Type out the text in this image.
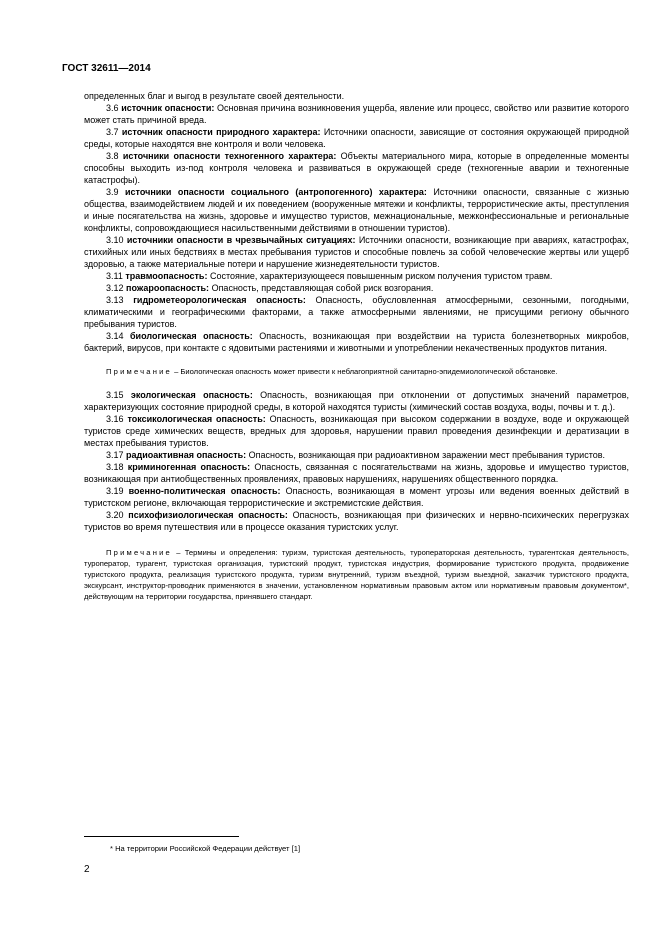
ГОСТ 32611—2014

определенных благ и выгод в результате своей деятельности.

3.6 источник опасности: Основная причина возникновения ущерба, явление или процесс, свойство или развитие которого может стать причиной вреда.

3.7 источник опасности природного характера: Источники опасности, зависящие от состояния окружающей природной среды, которые находятся вне контроля и воли человека.

3.8 источники опасности техногенного характера: Объекты материального мира, которые в определенные моменты способны выходить из-под контроля человека и развиваться в окружающей среде (техногенные аварии и техногенные катастрофы).

3.9 источники опасности социального (антропогенного) характера: Источники опасности, связанные с жизнью общества, взаимодействием людей и их поведением (вооруженные мятежи и конфликты, террористические акты, преступления и иные посягательства на жизнь, здоровье и имущество туристов, межнациональные, межконфессиональные и региональные конфликты, сопровождающиеся насильственными действиями в отношении туристов).

3.10 источники опасности в чрезвычайных ситуациях: Источники опасности, возникающие при авариях, катастрофах, стихийных или иных бедствиях в местах пребывания туристов и способные повлечь за собой человеческие жертвы или ущерб здоровью, а также материальные потери и нарушение жизнедеятельности туристов.

3.11 травмоопасность: Состояние, характеризующееся повышенным риском получения туристом травм.

3.12 пожароопасность: Опасность, представляющая собой риск возгорания.

3.13 гидрометеорологическая опасность: Опасность, обусловленная атмосферными, сезонными, погодными, климатическими и географическими факторами, а также атмосферными явлениями, не присущими региону обычного пребывания туристов.

3.14 биологическая опасность: Опасность, возникающая при воздействии на туриста болезнетворных микробов, бактерий, вирусов, при контакте с ядовитыми растениями и животными и употреблении некачественных продуктов питания.

Примечание – Биологическая опасность может привести к неблагоприятной санитарно-эпидемиологической обстановке.

3.15 экологическая опасность: Опасность, возникающая при отклонении от допустимых значений параметров, характеризующих состояние природной среды, в которой находятся туристы (химический состав воздуха, воды, почвы и т. д.).

3.16 токсикологическая опасность: Опасность, возникающая при высоком содержании в воздухе, воде и окружающей туристов среде химических веществ, вредных для здоровья, нарушении правил проведения дезинфекции и дератизации в местах пребывания туристов.

3.17 радиоактивная опасность: Опасность, возникающая при радиоактивном заражении мест пребывания туристов.

3.18 криминогенная опасность: Опасность, связанная с посягательствами на жизнь, здоровье и имущество туристов, возникающая при антиобщественных проявлениях, правовых нарушениях, нарушениях общественного порядка.

3.19 военно-политическая опасность: Опасность, возникающая в момент угрозы или ведения военных действий в туристском регионе, включающая террористические и экстремистские действия.

3.20 психофизиологическая опасность: Опасность, возникающая при физических и нервно-психических перегрузках туристов во время путешествия или в процессе оказания туристских услуг.

Примечание – Термины и определения: туризм, туристская деятельность, туроператорская деятельность, турагентская деятельность, туроператор, турагент, туристская организация, туристский продукт, туристская индустрия, формирование туристского продукта, продвижение туристского продукта, реализация туристского продукта, туризм внутренний, туризм въездной, туризм выездной, заказчик туристского продукта, экскурсант, инструктор-проводник применяются в значении, установленном нормативным правовым актом или нормативным правовым документом*, действующим на территории государства, принявшего стандарт.

* На территории Российской Федерации действует [1]
2
